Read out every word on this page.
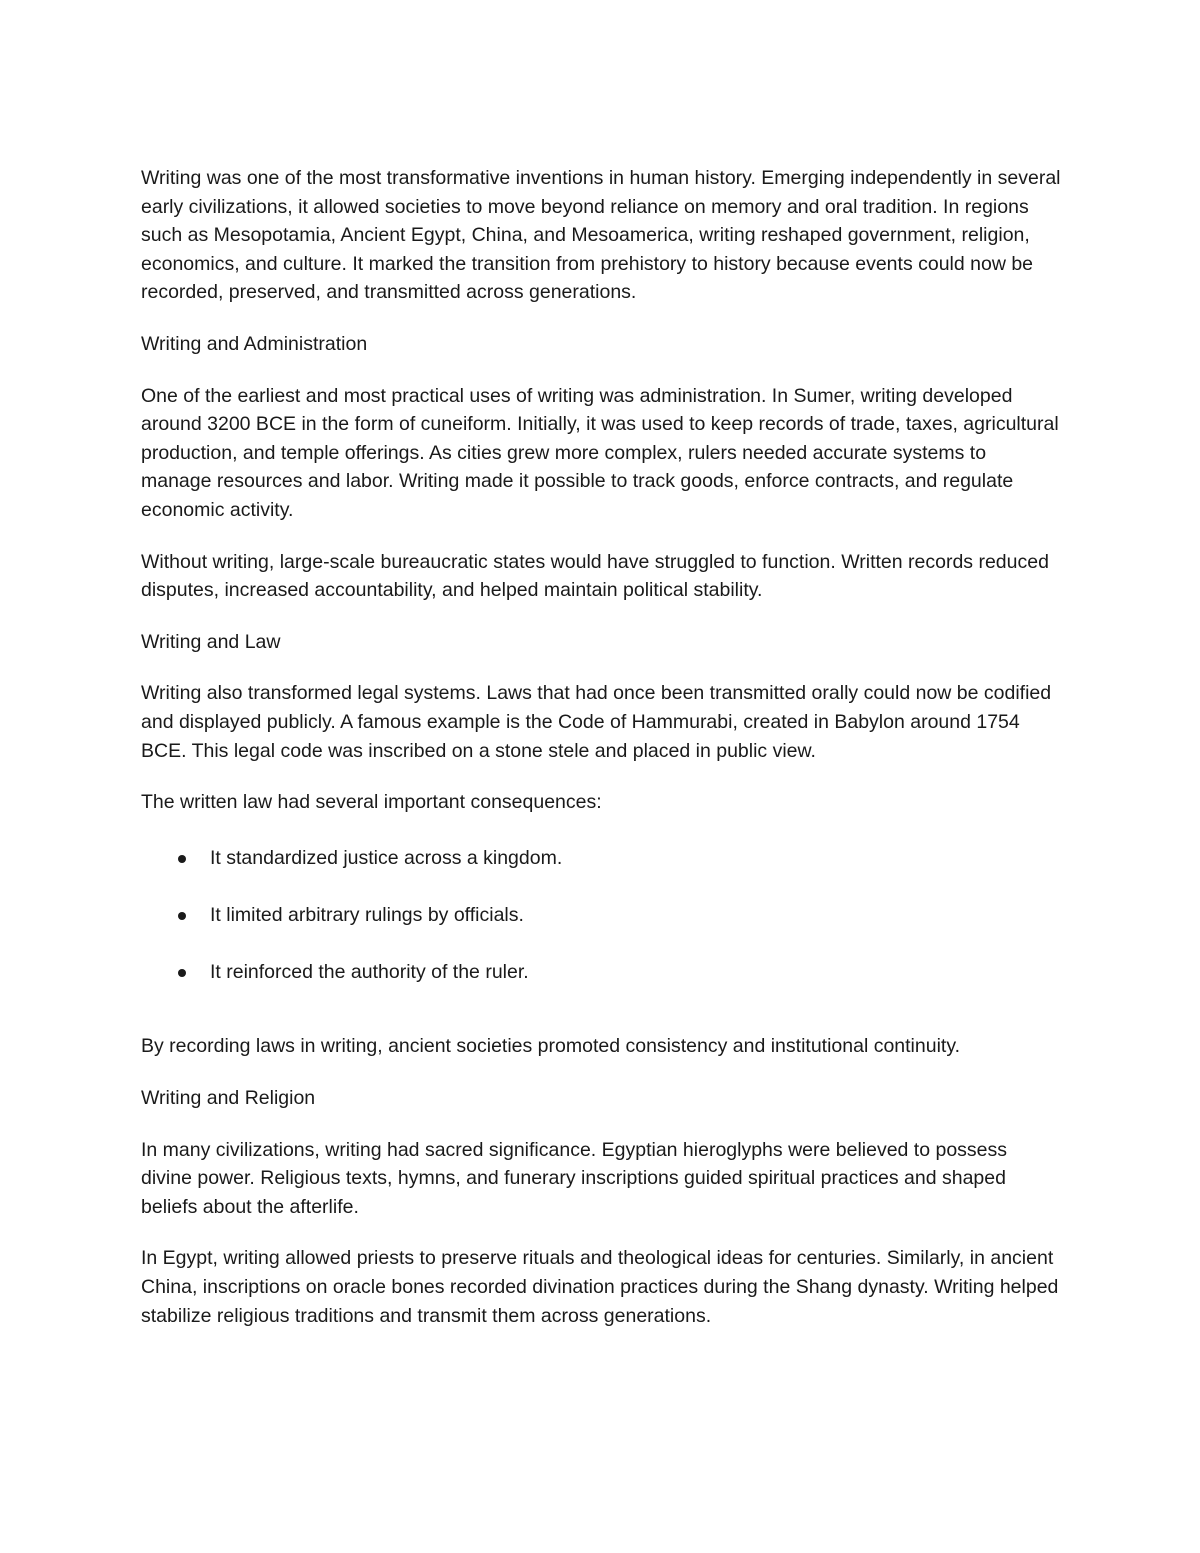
Writing was one of the most transformative inventions in human history. Emerging independently in several early civilizations, it allowed societies to move beyond reliance on memory and oral tradition. In regions such as Mesopotamia, Ancient Egypt, China, and Mesoamerica, writing reshaped government, religion, economics, and culture. It marked the transition from prehistory to history because events could now be recorded, preserved, and transmitted across generations.

Writing and Administration

One of the earliest and most practical uses of writing was administration. In Sumer, writing developed around 3200 BCE in the form of cuneiform. Initially, it was used to keep records of trade, taxes, agricultural production, and temple offerings. As cities grew more complex, rulers needed accurate systems to manage resources and labor. Writing made it possible to track goods, enforce contracts, and regulate economic activity.

Without writing, large-scale bureaucratic states would have struggled to function. Written records reduced disputes, increased accountability, and helped maintain political stability.

Writing and Law

Writing also transformed legal systems. Laws that had once been transmitted orally could now be codified and displayed publicly. A famous example is the Code of Hammurabi, created in Babylon around 1754 BCE. This legal code was inscribed on a stone stele and placed in public view.

The written law had several important consequences:

It standardized justice across a kingdom.
It limited arbitrary rulings by officials.
It reinforced the authority of the ruler.

By recording laws in writing, ancient societies promoted consistency and institutional continuity.

Writing and Religion

In many civilizations, writing had sacred significance. Egyptian hieroglyphs were believed to possess divine power. Religious texts, hymns, and funerary inscriptions guided spiritual practices and shaped beliefs about the afterlife.

In Egypt, writing allowed priests to preserve rituals and theological ideas for centuries. Similarly, in ancient China, inscriptions on oracle bones recorded divination practices during the Shang dynasty. Writing helped stabilize religious traditions and transmit them across generations.
